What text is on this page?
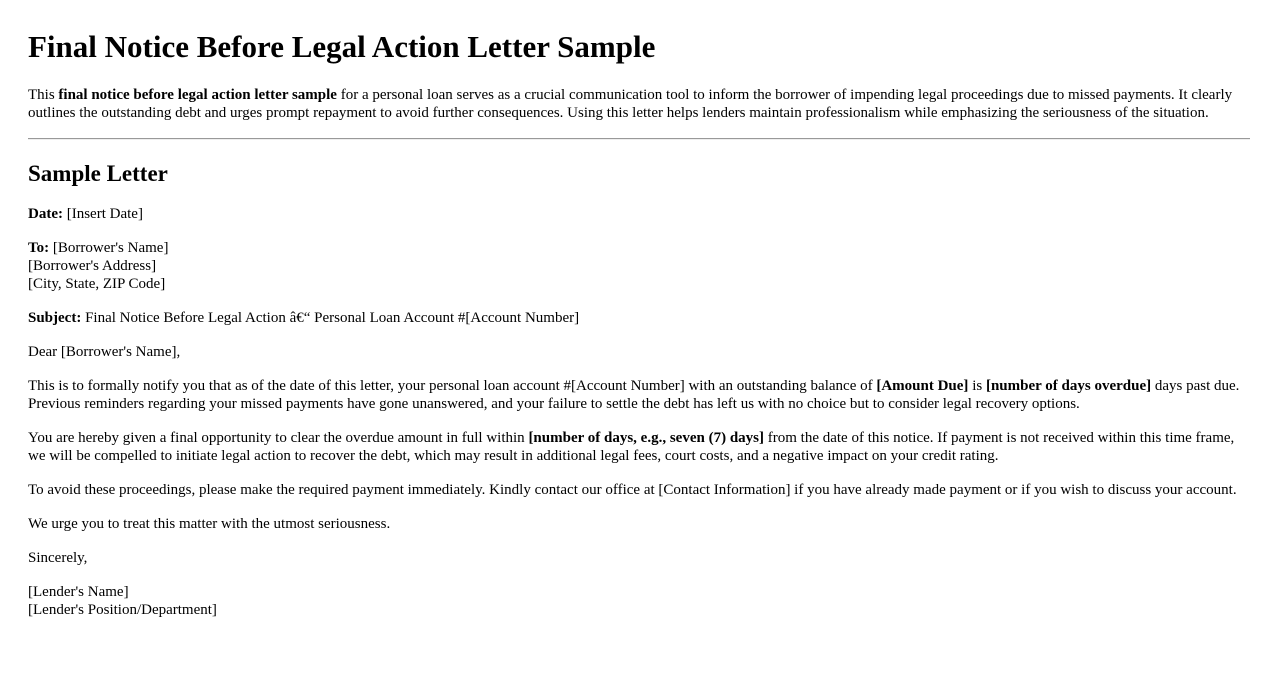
Final Notice Before Legal Action Letter Sample

This final notice before legal action letter sample for a personal loan serves as a crucial communication tool to inform the borrower of impending legal proceedings due to missed payments. It clearly outlines the outstanding debt and urges prompt repayment to avoid further consequences. Using this letter helps lenders maintain professionalism while emphasizing the seriousness of the situation.

Sample Letter

Date: [Insert Date]

To: [Borrower's Name]
[Borrower's Address]
[City, State, ZIP Code]

Subject: Final Notice Before Legal Action â€“ Personal Loan Account #[Account Number]

Dear [Borrower's Name],

This is to formally notify you that as of the date of this letter, your personal loan account #[Account Number] with an outstanding balance of [Amount Due] is [number of days overdue] days past due. Previous reminders regarding your missed payments have gone unanswered, and your failure to settle the debt has left us with no choice but to consider legal recovery options.

You are hereby given a final opportunity to clear the overdue amount in full within [number of days, e.g., seven (7) days] from the date of this notice. If payment is not received within this time frame, we will be compelled to initiate legal action to recover the debt, which may result in additional legal fees, court costs, and a negative impact on your credit rating.

To avoid these proceedings, please make the required payment immediately. Kindly contact our office at [Contact Information] if you have already made payment or if you wish to discuss your account.

We urge you to treat this matter with the utmost seriousness.

Sincerely,

[Lender's Name]
[Lender's Position/Department]
